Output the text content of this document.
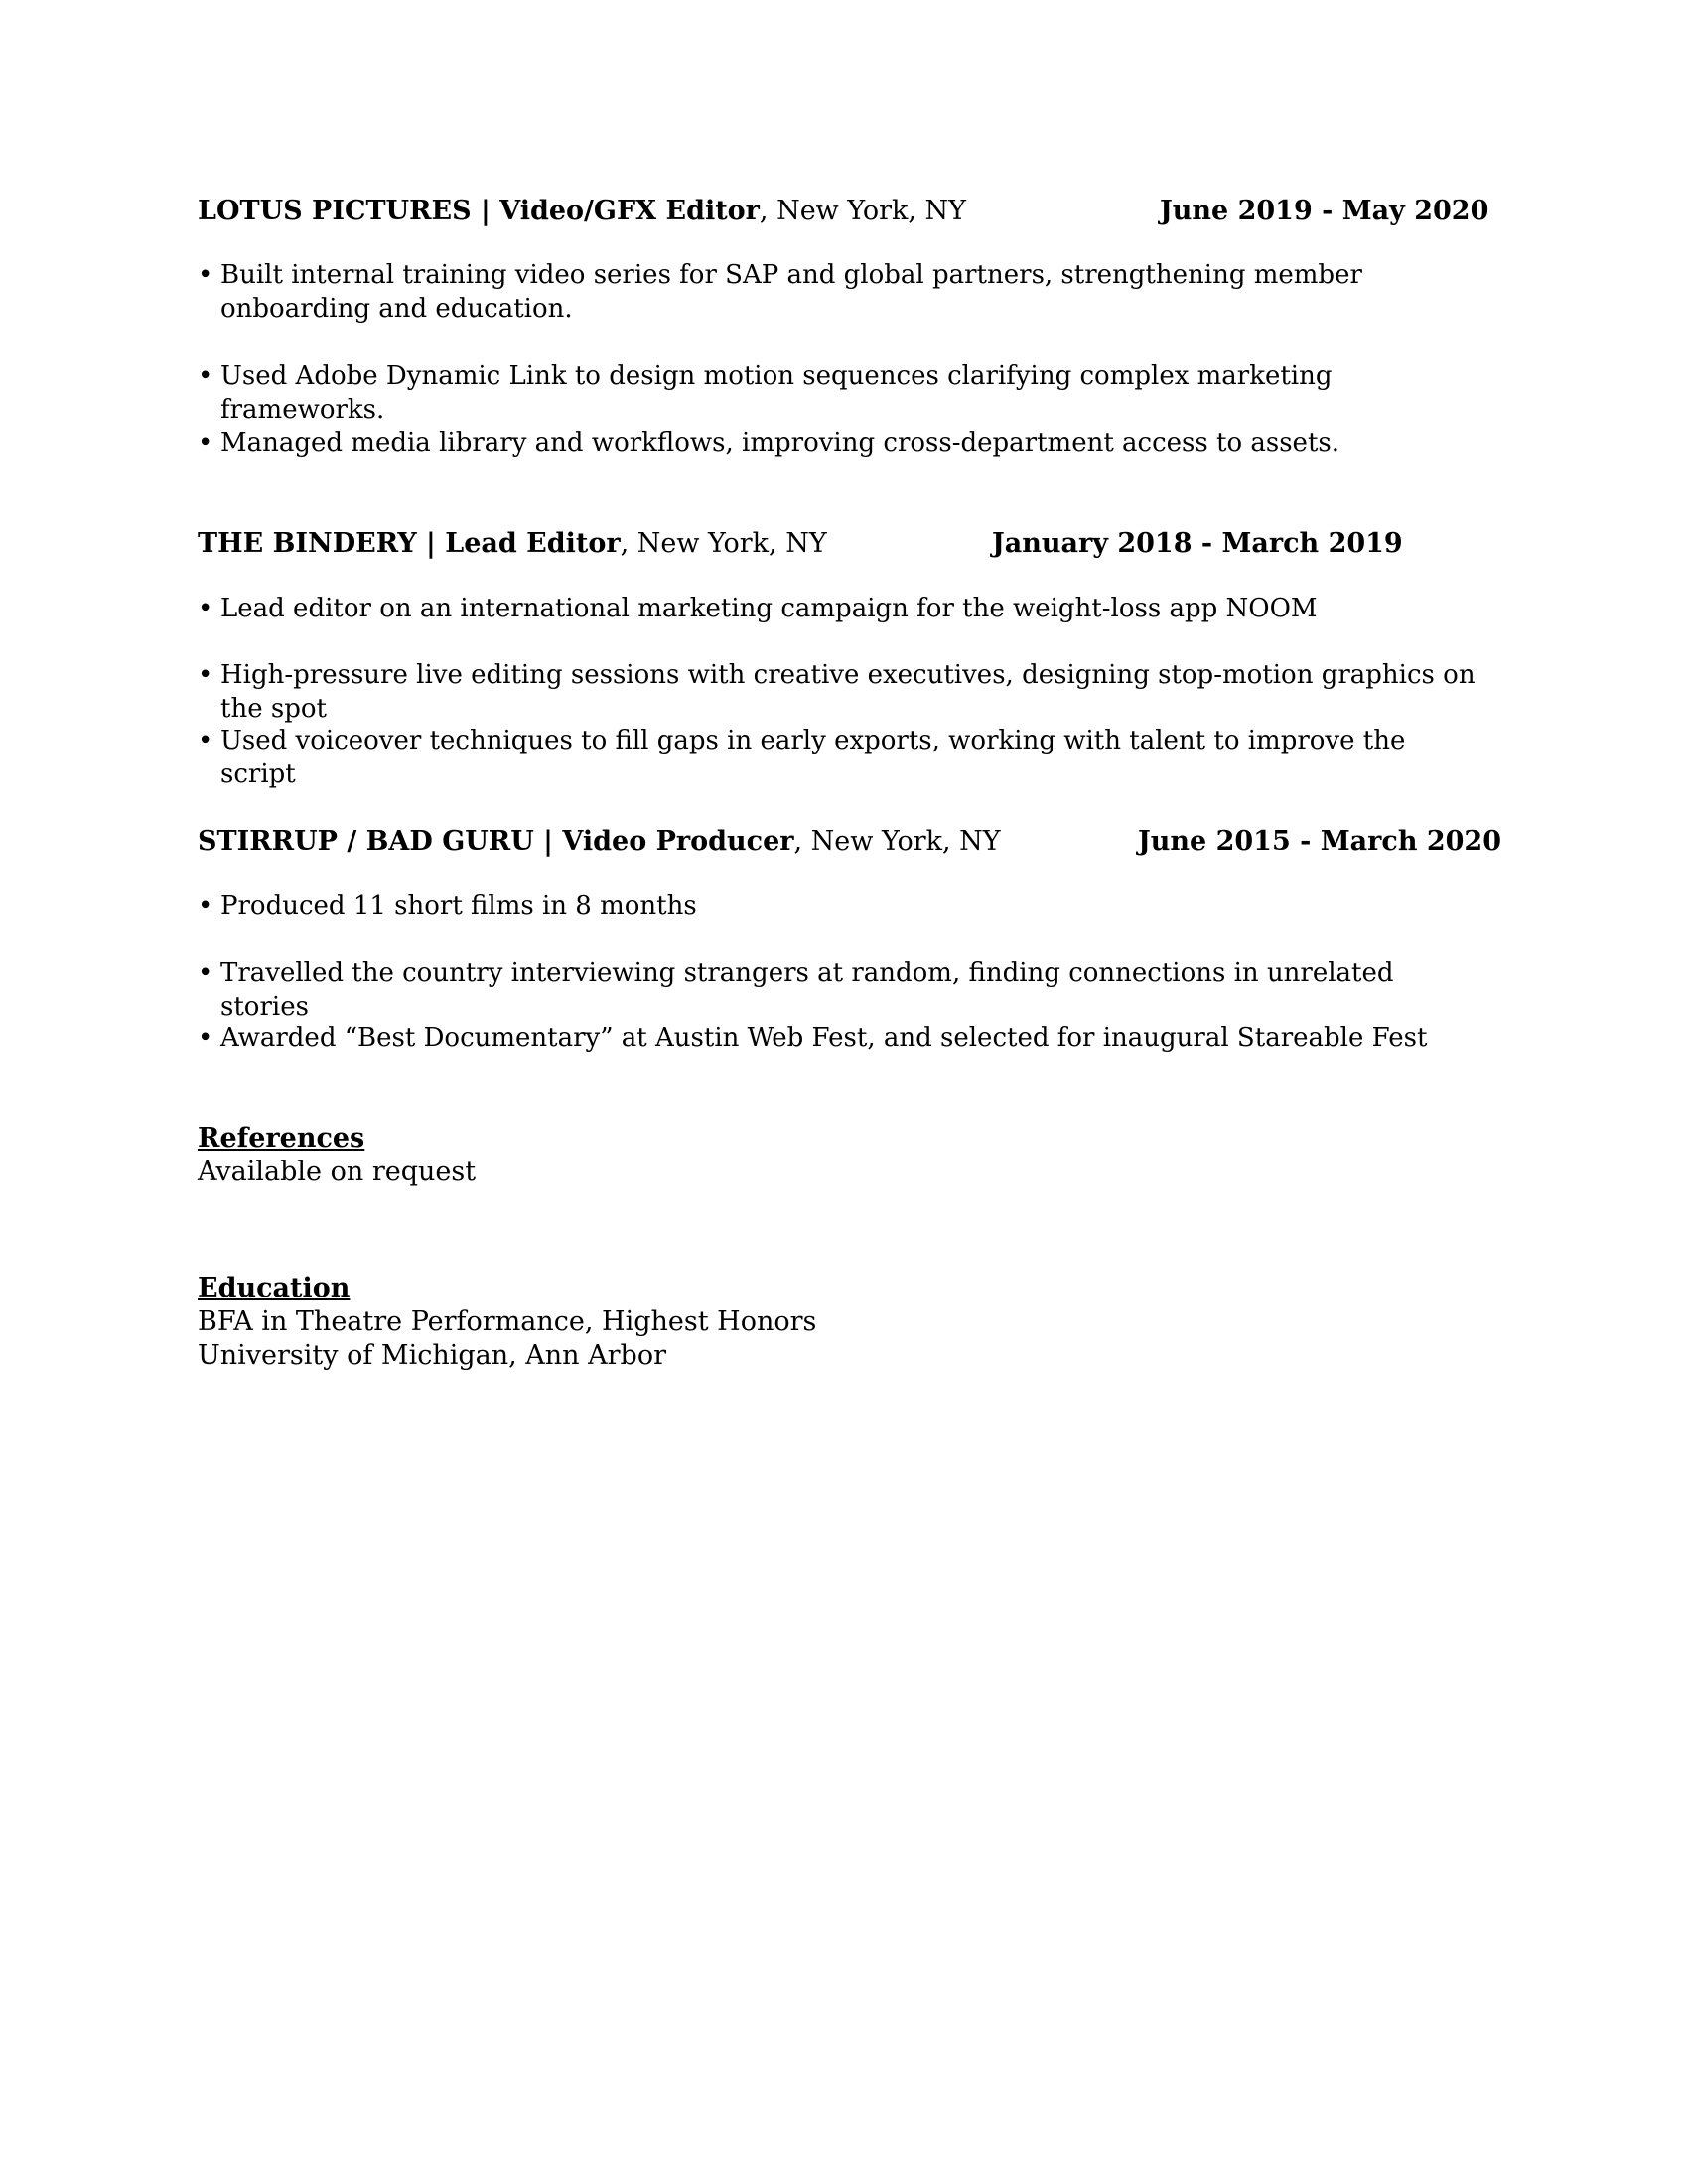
LOTUS PICTURES | Video/GFX Editor, New York, NY	June 2019 - May 2020
• Built internal training video series for SAP and global partners, strengthening member onboarding and education.
• Used Adobe Dynamic Link to design motion sequences clarifying complex marketing frameworks.
• Managed media library and workflows, improving cross-department access to assets.
THE BINDERY | Lead Editor, New York, NY	January 2018 - March 2019
• Lead editor on an international marketing campaign for the weight-loss app NOOM
• High-pressure live editing sessions with creative executives, designing stop-motion graphics on the spot
• Used voiceover techniques to fill gaps in early exports, working with talent to improve the script
STIRRUP / BAD GURU | Video Producer, New York, NY	June 2015 - March 2020
• Produced 11 short films in 8 months
• Travelled the country interviewing strangers at random, finding connections in unrelated stories
• Awarded “Best Documentary” at Austin Web Fest, and selected for inaugural Stareable Fest
References
Available on request
Education
BFA in Theatre Performance, Highest Honors
University of Michigan, Ann Arbor
